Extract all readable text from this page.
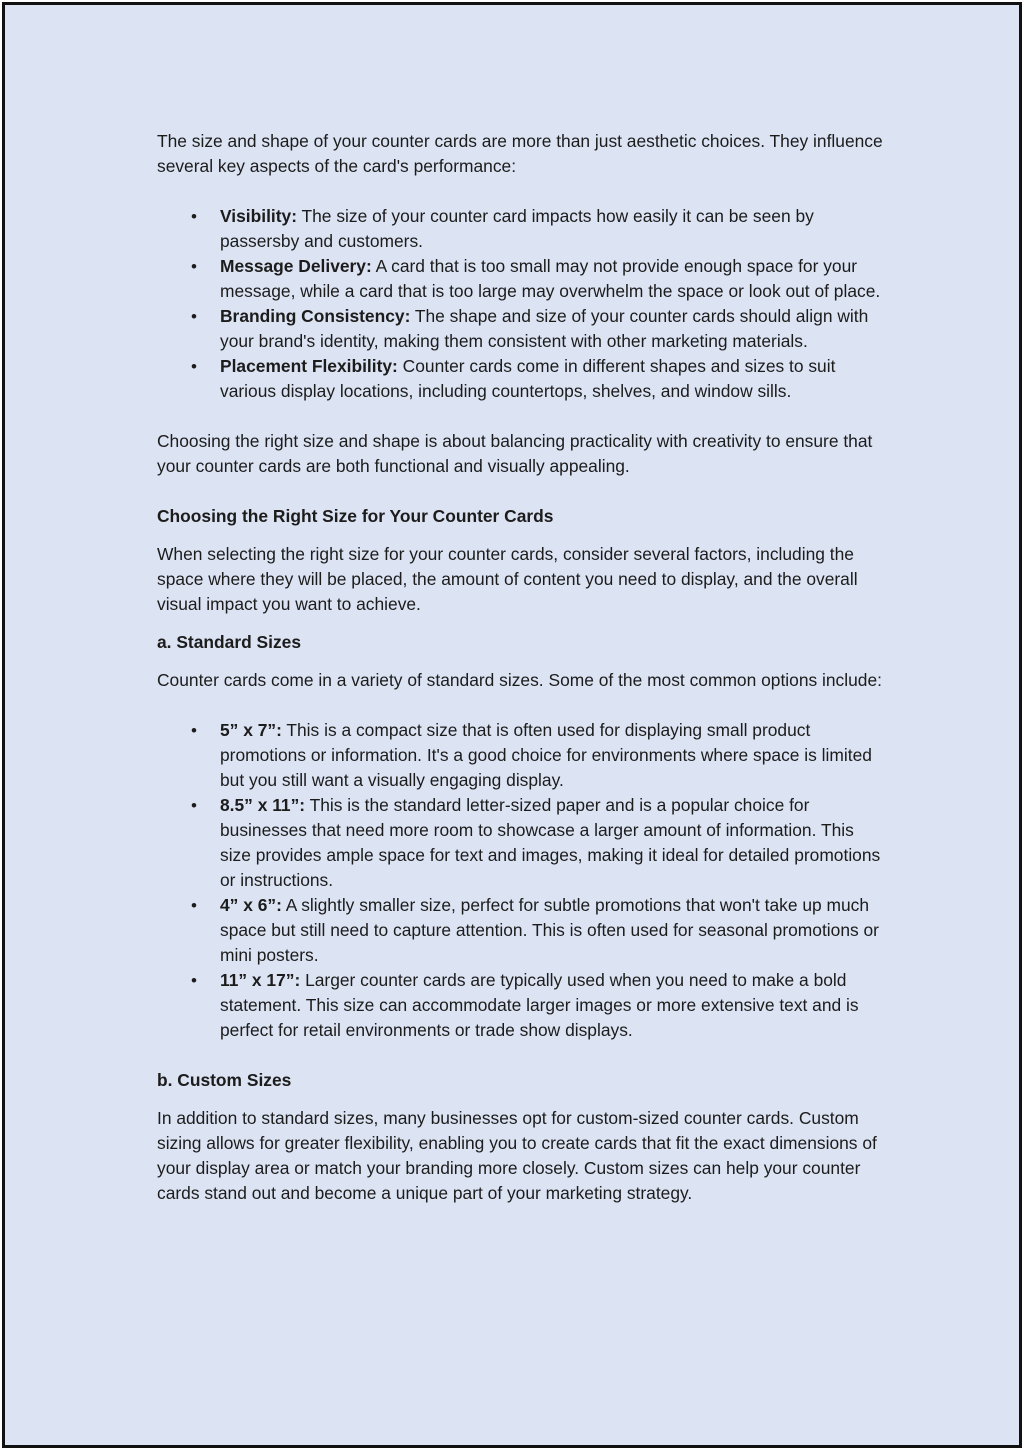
The size and shape of your counter cards are more than just aesthetic choices. They influence several key aspects of the card's performance:

• Visibility: The size of your counter card impacts how easily it can be seen by passersby and customers.
• Message Delivery: A card that is too small may not provide enough space for your message, while a card that is too large may overwhelm the space or look out of place.
• Branding Consistency: The shape and size of your counter cards should align with your brand's identity, making them consistent with other marketing materials.
• Placement Flexibility: Counter cards come in different shapes and sizes to suit various display locations, including countertops, shelves, and window sills.

Choosing the right size and shape is about balancing practicality with creativity to ensure that your counter cards are both functional and visually appealing.

Choosing the Right Size for Your Counter Cards

When selecting the right size for your counter cards, consider several factors, including the space where they will be placed, the amount of content you need to display, and the overall visual impact you want to achieve.

a. Standard Sizes

Counter cards come in a variety of standard sizes. Some of the most common options include:

• 5” x 7”: This is a compact size that is often used for displaying small product promotions or information. It's a good choice for environments where space is limited but you still want a visually engaging display.
• 8.5” x 11”: This is the standard letter-sized paper and is a popular choice for businesses that need more room to showcase a larger amount of information. This size provides ample space for text and images, making it ideal for detailed promotions or instructions.
• 4” x 6”: A slightly smaller size, perfect for subtle promotions that won't take up much space but still need to capture attention. This is often used for seasonal promotions or mini posters.
• 11” x 17”: Larger counter cards are typically used when you need to make a bold statement. This size can accommodate larger images or more extensive text and is perfect for retail environments or trade show displays.
b. Custom Sizes

In addition to standard sizes, many businesses opt for custom-sized counter cards. Custom sizing allows for greater flexibility, enabling you to create cards that fit the exact dimensions of your display area or match your branding more closely. Custom sizes can help your counter cards stand out and become a unique part of your marketing strategy.
